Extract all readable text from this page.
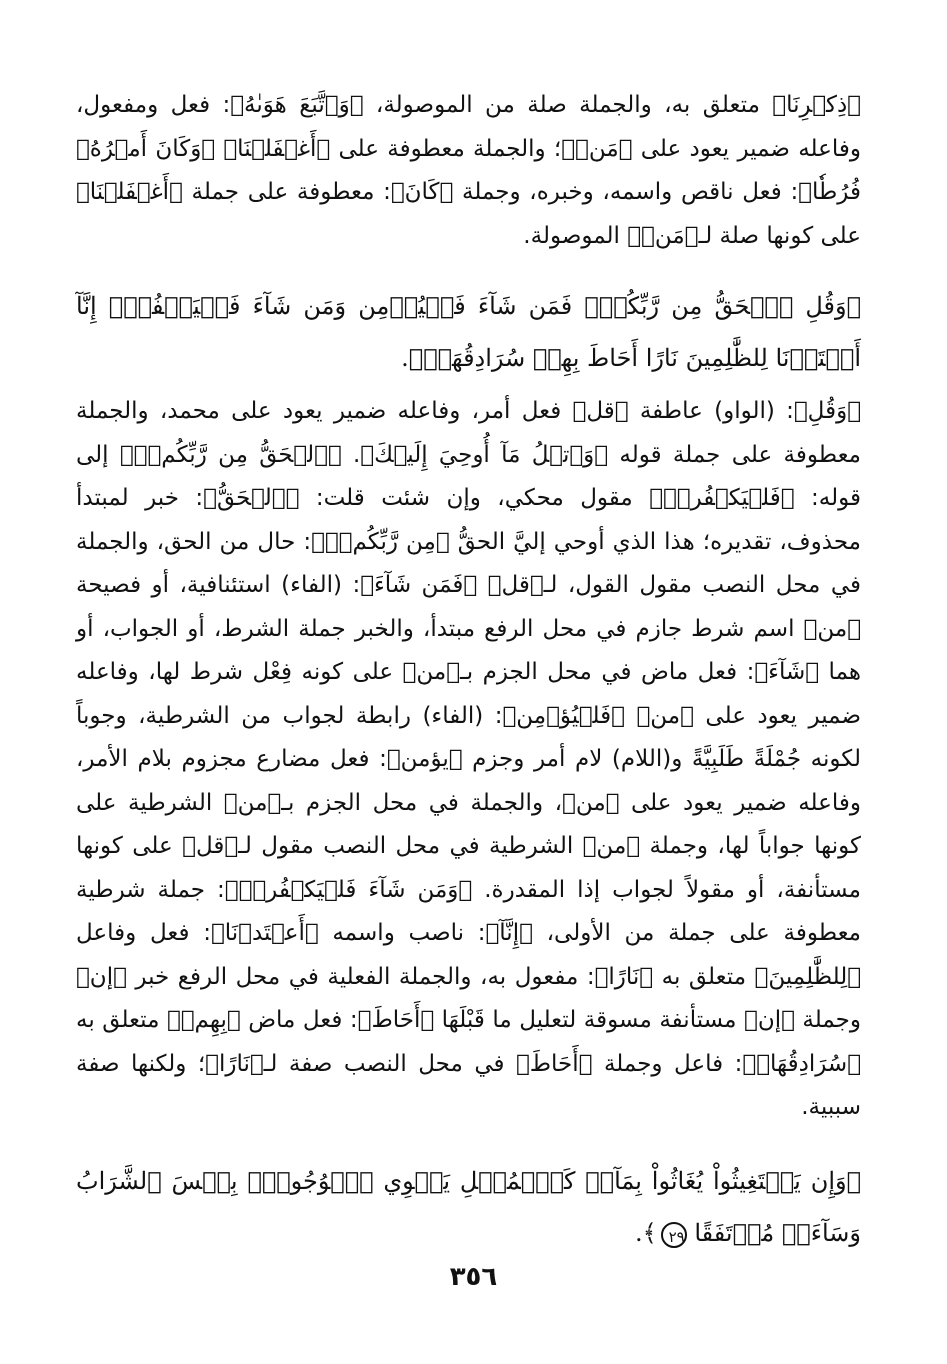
﴿ذِكۡرِنَا﴾ متعلق به، والجملة صلة من الموصولة، ﴿وَٱتَّبَعَ هَوَىٰهُ﴾: فعل ومفعول، وفاعله ضمير يعود على ﴿مَنۡ﴾؛ والجملة معطوفة على ﴿أَغۡفَلۡنَا﴾ ﴿وَكَانَ أَمۡرُهُۥ فُرُطٗا﴾: فعل ناقص واسمه، وخبره، وجملة ﴿كَانَ﴾: معطوفة على جملة ﴿أَغۡفَلۡنَا﴾ على كونها صلة لـ﴿مَنۡ﴾ الموصولة.

﴿وَقُلِ ٱلۡحَقُّ مِن رَّبِّكُمۡۖ فَمَن شَآءَ فَلۡيُؤۡمِن وَمَن شَآءَ فَلۡيَكۡفُرۡۚ إِنَّآ أَعۡتَدۡنَا لِلظَّٰلِمِينَ نَارًا أَحَاطَ بِهِمۡ سُرَادِقُهَاۚ﴾.

﴿وَقُلِ﴾: (الواو) عاطفة ﴿قل﴾ فعل أمر، وفاعله ضمير يعود على محمد، والجملة معطوفة على جملة قوله ﴿وَٱتۡلُ مَآ أُوحِيَ إِلَيۡكَ﴾. ﴿ٱلۡحَقُّ مِن رَّبِّكُمۡۖ﴾ إلى قوله: ﴿فَلۡيَكۡفُرۡۚ﴾ مقول محكي، وإن شئت قلت: ﴿ٱلۡحَقُّ﴾: خبر لمبتدأ محذوف، تقديره؛ هذا الذي أوحي إليَّ الحقُّ ﴿مِن رَّبِّكُمۡۖ﴾: حال من الحق، والجملة في محل النصب مقول القول، لـ﴿قل﴾ ﴿فَمَن شَآءَ﴾: (الفاء) استئنافية، أو فصيحة ﴿من﴾ اسم شرط جازم في محل الرفع مبتدأ، والخبر جملة الشرط، أو الجواب، أو هما ﴿شَآءَ﴾: فعل ماض في محل الجزم بـ﴿من﴾ على كونه فِعْل شرط لها، وفاعله ضمير يعود على ﴿من﴾ ﴿فَلۡيُؤۡمِن﴾: (الفاء) رابطة لجواب من الشرطية، وجوباً لكونه جُمْلَةً طَلَبِيَّةً و(اللام) لام أمر وجزم ﴿يؤمن﴾: فعل مضارع مجزوم بلام الأمر، وفاعله ضمير يعود على ﴿من﴾، والجملة في محل الجزم بـ﴿من﴾ الشرطية على كونها جواباً لها، وجملة ﴿من﴾ الشرطية في محل النصب مقول لـ﴿قل﴾ على كونها مستأنفة، أو مقولاً لجواب إذا المقدرة. ﴿وَمَن شَآءَ فَلۡيَكۡفُرۡۚ﴾: جملة شرطية معطوفة على جملة من الأولى، ﴿إِنَّآ﴾: ناصب واسمه ﴿أَعۡتَدۡنَا﴾: فعل وفاعل ﴿لِلظَّٰلِمِينَ﴾ متعلق به ﴿نَارًا﴾: مفعول به، والجملة الفعلية في محل الرفع خبر ﴿إن﴾ وجملة ﴿إن﴾ مستأنفة مسوقة لتعليل ما قَبْلَهَا ﴿أَحَاطَ﴾: فعل ماض ﴿بِهِمۡ﴾ متعلق به ﴿سُرَادِقُهَاۚ﴾: فاعل وجملة ﴿أَحَاطَ﴾ في محل النصب صفة لـ﴿نَارًا﴾؛ ولكنها صفة سببية.

﴿وَإِن يَسۡتَغِيثُواْ يُغَاثُواْ بِمَآءٖ كَٱلۡمُهۡلِ يَشۡوِي ٱلۡوُجُوهَۚ بِئۡسَ ٱلشَّرَابُ وَسَآءَتۡ مُرۡتَفَقًا ٢٩﴾.

٣٥٦
